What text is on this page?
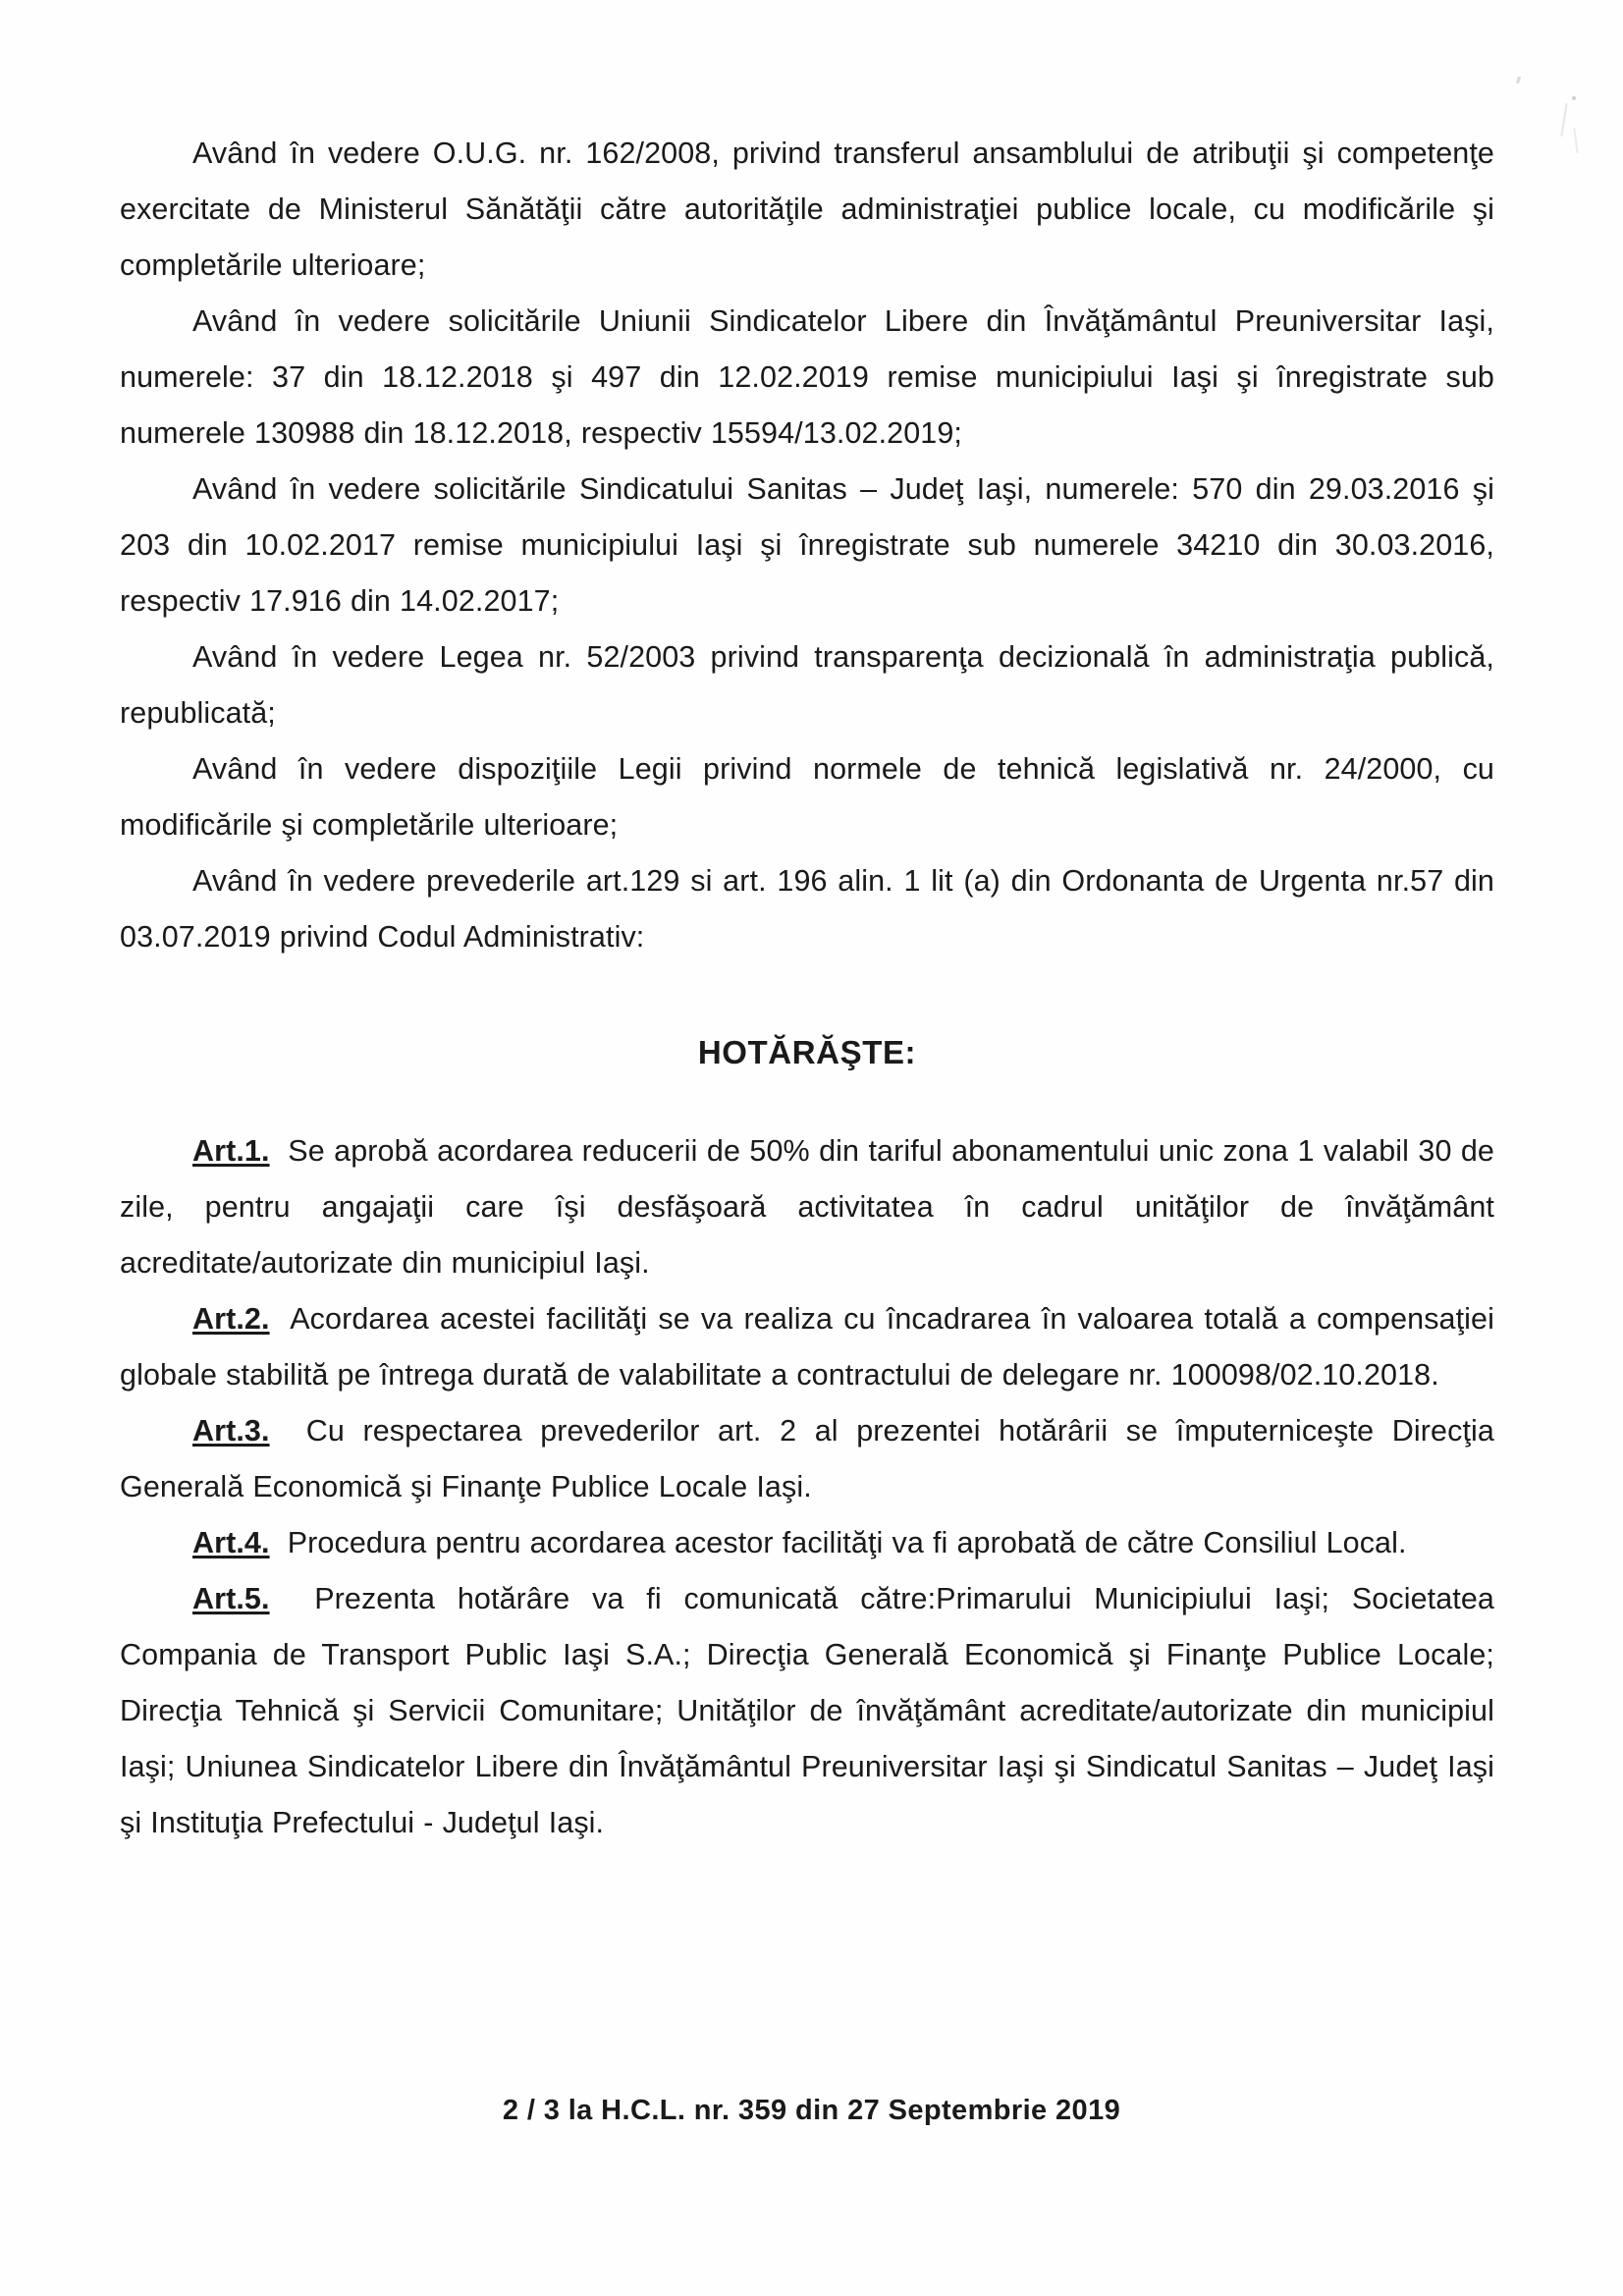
Având în vedere O.U.G. nr. 162/2008, privind transferul ansamblului de atribuţii şi competenţe exercitate de Ministerul Sănătăţii către autorităţile administraţiei publice locale, cu modificările şi completările ulterioare;

Având în vedere solicitările Uniunii Sindicatelor Libere din Învăţământul Preuniversitar Iaşi, numerele: 37 din 18.12.2018 şi 497 din 12.02.2019 remise municipiului Iaşi şi înregistrate sub numerele 130988 din 18.12.2018, respectiv 15594/13.02.2019;

Având în vedere solicitările Sindicatului Sanitas – Judeţ Iaşi, numerele: 570 din 29.03.2016 şi 203 din 10.02.2017 remise municipiului Iaşi şi înregistrate sub numerele 34210 din 30.03.2016, respectiv 17.916 din 14.02.2017;

Având în vedere Legea nr. 52/2003 privind transparenţa decizională în administraţia publică, republicată;

Având în vedere dispoziţiile Legii privind normele de tehnică legislativă nr. 24/2000, cu modificările şi completările ulterioare;

Având în vedere prevederile art.129 si art. 196 alin. 1 lit (a) din Ordonanta de Urgenta nr.57 din 03.07.2019 privind Codul Administrativ:

HOTĂRĂŞTE:

Art.1. Se aprobă acordarea reducerii de 50% din tariful abonamentului unic zona 1 valabil 30 de zile, pentru angajaţii care îşi desfăşoară activitatea în cadrul unităţilor de învăţământ acreditate/autorizate din municipiul Iaşi.

Art.2. Acordarea acestei facilităţi se va realiza cu încadrarea în valoarea totală a compensaţiei globale stabilită pe întrega durată de valabilitate a contractului de delegare nr. 100098/02.10.2018.

Art.3. Cu respectarea prevederilor art. 2 al prezentei hotărârii se împuterniceşte Direcţia Generală Economică şi Finanţe Publice Locale Iaşi.

Art.4. Procedura pentru acordarea acestor facilităţi va fi aprobată de către Consiliul Local.

Art.5. Prezenta hotărâre va fi comunicată către:Primarului Municipiului Iaşi; Societatea Compania de Transport Public Iaşi S.A.; Direcţia Generală Economică şi Finanţe Publice Locale; Direcţia Tehnică şi Servicii Comunitare; Unităţilor de învăţământ acreditate/autorizate din municipiul Iaşi; Uniunea Sindicatelor Libere din Învăţământul Preuniversitar Iaşi şi Sindicatul Sanitas – Judeţ Iaşi şi Instituţia Prefectului - Judeţul Iaşi.

2 / 3 la H.C.L. nr. 359 din 27 Septembrie 2019
